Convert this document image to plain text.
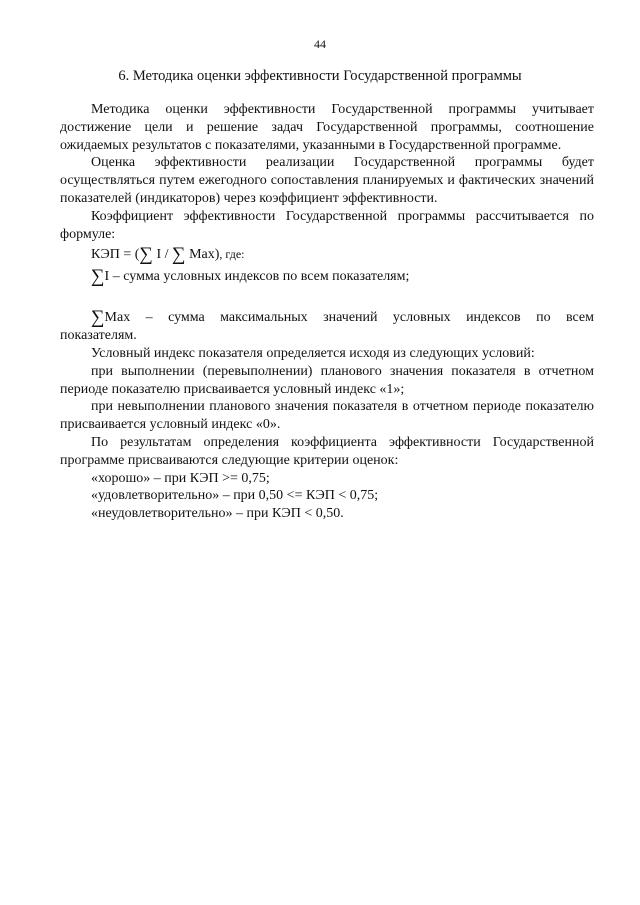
44
6. Методика оценки эффективности Государственной программы

Методика оценки эффективности Государственной программы учитывает достижение цели и решение задач Государственной программы, соотношение ожидаемых результатов с показателями, указанными в Государственной программе.

Оценка эффективности реализации Государственной программы будет осуществляться путем ежегодного сопоставления планируемых и фактических значений показателей (индикаторов) через коэффициент эффективности.

Коэффициент эффективности Государственной программы рассчитывается по формуле:

КЭП = (∑ I / ∑ Max), где:
∑I – сумма условных индексов по всем показателям;
∑Max – сумма максимальных значений условных индексов по всем
показателям.

Условный индекс показателя определяется исходя из следующих условий:

при выполнении (перевыполнении) планового значения показателя в отчетном периоде показателю присваивается условный индекс «1»;

при невыполнении планового значения показателя в отчетном периоде показателю присваивается условный индекс «0».

По результатам определения коэффициента эффективности Государственной программе присваиваются следующие критерии оценок:

«хорошо» – при КЭП >= 0,75;

«удовлетворительно» – при 0,50 <= КЭП < 0,75;

«неудовлетворительно» – при КЭП < 0,50.
